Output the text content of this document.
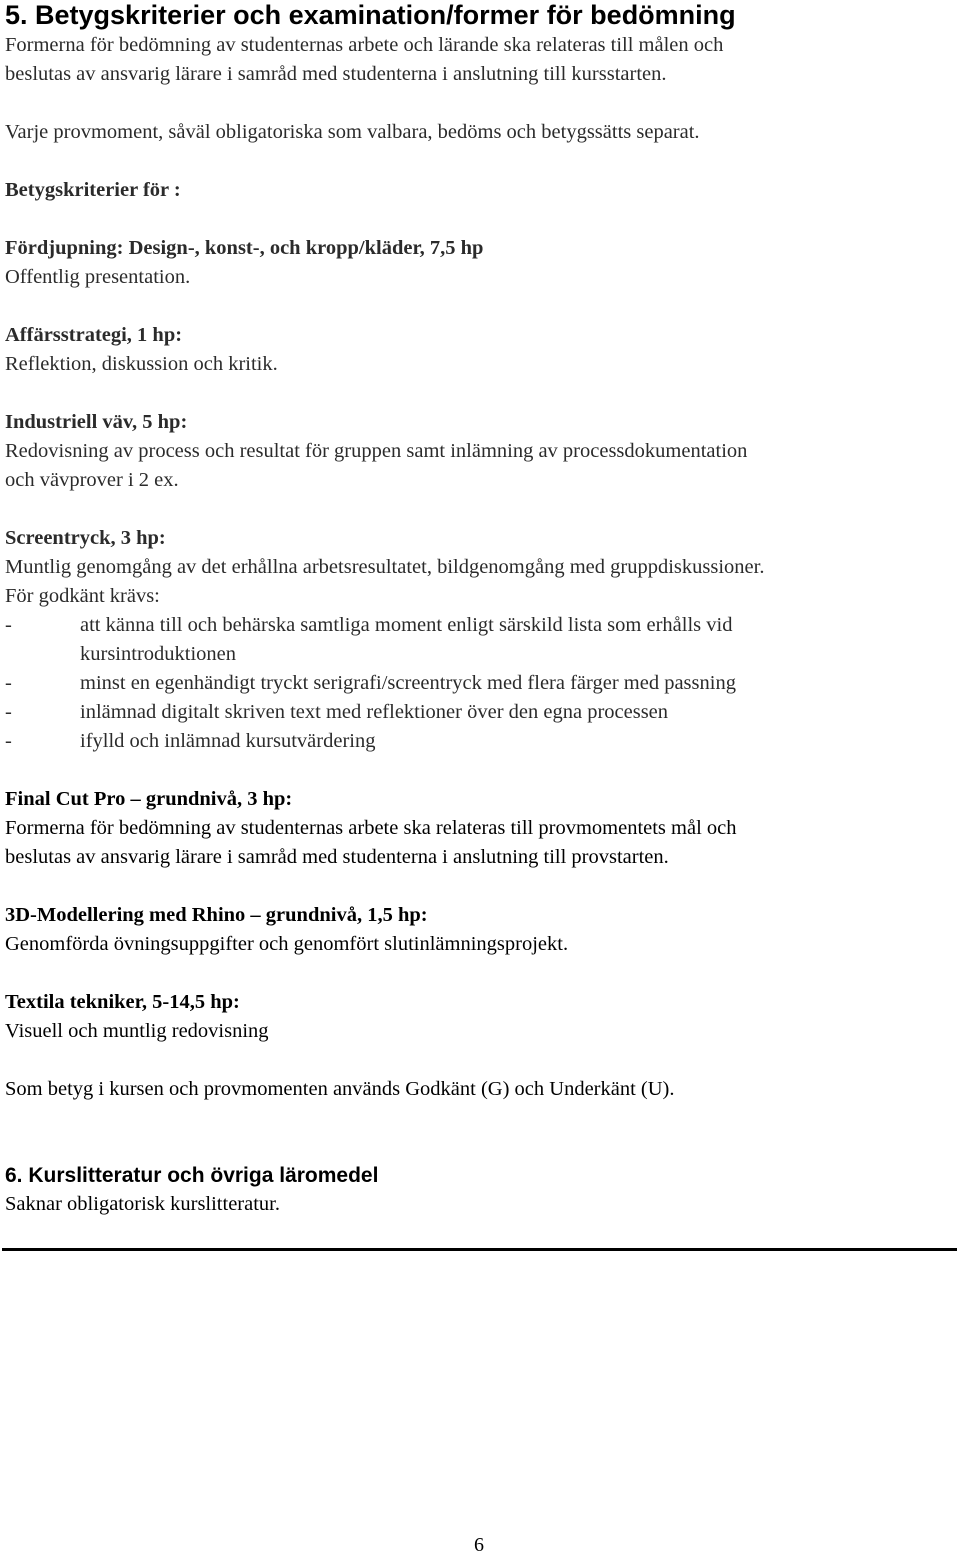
5. Betygskriterier och examination/former för bedömning

Formerna för bedömning av studenternas arbete och lärande ska relateras till målen och

beslutas av ansvarig lärare i samråd med studenterna i anslutning till kursstarten.

Varje provmoment, såväl obligatoriska som valbara, bedöms och betygssätts separat.

Betygskriterier för :

Fördjupning: Design-, konst-, och kropp/kläder, 7,5 hp

Offentlig presentation.

Affärsstrategi, 1 hp:

Reflektion, diskussion och kritik.

Industriell väv, 5 hp:

Redovisning av process och resultat för gruppen samt inlämning av processdokumentation

och vävprover i 2 ex.

Screentryck, 3 hp:

Muntlig genomgång av det erhållna arbetsresultatet, bildgenomgång med gruppdiskussioner.

För godkänt krävs:

-	att känna till och behärska samtliga moment enligt särskild lista som erhålls vid
kursintroduktionen
-	minst en egenhändigt tryckt serigrafi/screentryck med flera färger med passning
-	inlämnad digitalt skriven text med reflektioner över den egna processen
-	ifylld och inlämnad kursutvärdering

Final Cut Pro – grundnivå, 3 hp:

Formerna för bedömning av studenternas arbete ska relateras till provmomentets mål och

beslutas av ansvarig lärare i samråd med studenterna i anslutning till provstarten.

3D-Modellering med Rhino – grundnivå, 1,5 hp:

Genomförda övningsuppgifter och genomfört slutinlämningsprojekt.

Textila tekniker, 5-14,5 hp:

Visuell och muntlig redovisning

Som betyg i kursen och provmomenten används Godkänt (G) och Underkänt (U).

6. Kurslitteratur och övriga läromedel

Saknar obligatorisk kurslitteratur.

6
